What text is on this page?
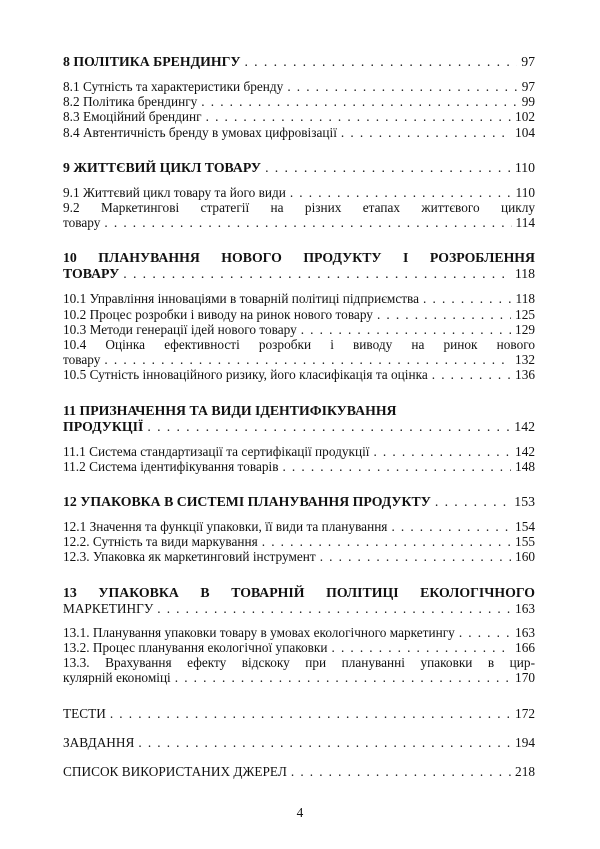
8 ПОЛІТИКА БРЕНДИНГУ . . .	97
8.1 Сутність та характеристики бренду . . .	97
8.2 Політика брендингу . . .	99
8.3 Емоційний брендинг . . .	102
8.4 Автентичність бренду в умовах цифровізації . . .	104
9 ЖИТТЄВИЙ ЦИКЛ ТОВАРУ . . .	110
9.1 Життєвий цикл товару та його види . . .	110
9.2 Маркетингові стратегії на різних етапах життєвого циклу
товару . . .	114
10 ПЛАНУВАННЯ НОВОГО ПРОДУКТУ І РОЗРОБЛЕННЯ
ТОВАРУ . . .	118
10.1 Управління інноваціями в товарній політиці підприємства . . .	118
10.2 Процес розробки і виводу на ринок нового товару . . .	125
10.3 Методи генерації ідей нового товару . . .	129
10.4 Оцінка ефективності розробки і виводу на ринок нового
товару . . .	132
10.5 Сутність інноваційного ризику, його класифікація та оцінка . . .	136
11 ПРИЗНАЧЕННЯ ТА ВИДИ ІДЕНТИФІКУВАННЯ
ПРОДУКЦІЇ . . .	142
11.1 Система стандартизації та сертифікації продукції . . .	142
11.2 Система ідентифікування товарів . . .	148
12 УПАКОВКА В СИСТЕМІ ПЛАНУВАННЯ ПРОДУКТУ . . .	153
12.1 Значення та функції упаковки, її види та планування . . .	154
12.2. Сутність та види маркування . . .	155
12.3. Упаковка як маркетинговий інструмент . . .	160
13 УПАКОВКА В ТОВАРНІЙ ПОЛІТИЦІ ЕКОЛОГІЧНОГО
МАРКЕТИНГУ . . .	163
13.1. Планування упаковки товару в умовах екологічного маркетингу . . .	163
13.2. Процес планування екологічної упаковки . . .	166
13.3. Врахування ефекту відскоку при плануванні упаковки в цир-
кулярній економіці . . .	170
ТЕСТИ . . .	172
ЗАВДАННЯ . . .	194
СПИСОК ВИКОРИСТАНИХ ДЖЕРЕЛ . . .	218
4
